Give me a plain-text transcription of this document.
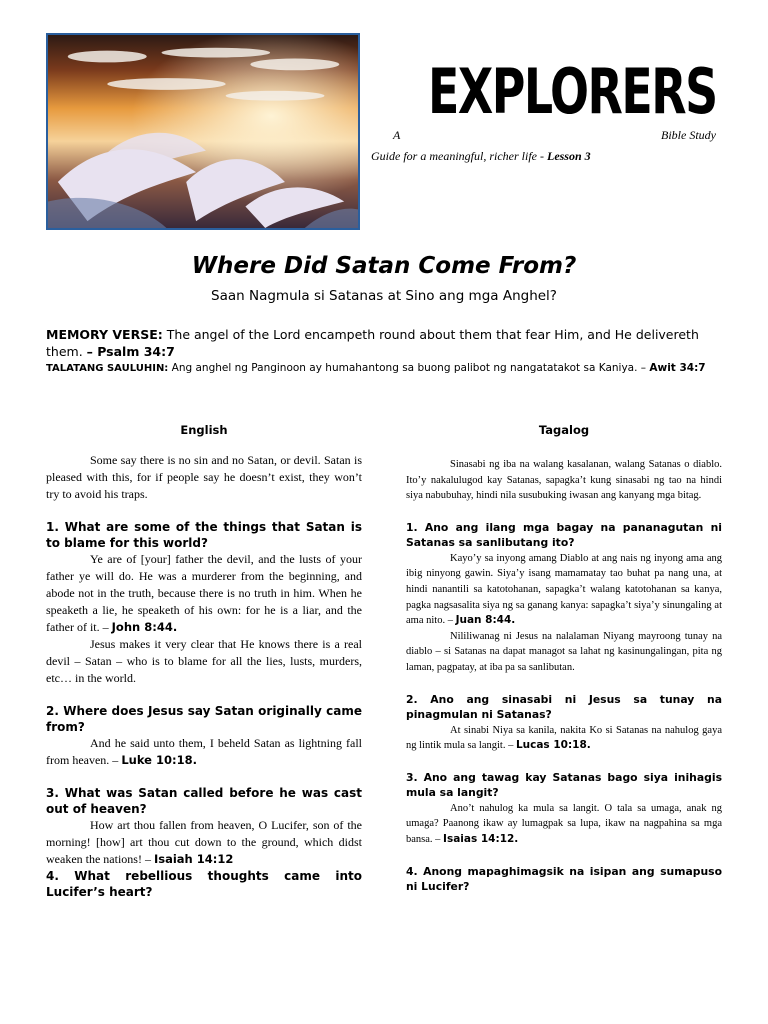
EXPLORERS
A	Bible Study
Guide for a meaningful, richer life - Lesson 3
Where Did Satan Come From?
Saan Nagmula si Satanas at Sino ang mga Anghel?
MEMORY VERSE: The angel of the Lord encampeth round about them that fear Him, and He delivereth them. – Psalm 34:7
TALATANG SAULUHIN: Ang anghel ng Panginoon ay humahantong sa buong palibot ng nangatatakot sa Kaniya. – Awit 34:7
English	Tagalog

Some say there is no sin and no Satan, or devil. Satan is pleased with this, for if people say he doesn’t exist, they won’t try to avoid his traps.

1. What are some of the things that Satan is to blame for this world?

Ye are of [your] father the devil, and the lusts of your father ye will do. He was a murderer from the beginning, and abode not in the truth, because there is no truth in him. When he speaketh a lie, he speaketh of his own: for he is a liar, and the father of it. – John 8:44.

Jesus makes it very clear that He knows there is a real devil – Satan – who is to blame for all the lies, lusts, murders, etc… in the world.

2. Where does Jesus say Satan originally came from?

And he said unto them, I beheld Satan as lightning fall from heaven. – Luke 10:18.

3. What was Satan called before he was cast out of heaven?

How art thou fallen from heaven, O Lucifer, son of the morning! [how] art thou cut down to the ground, which didst weaken the nations! – Isaiah 14:12

4. What rebellious thoughts came into Lucifer’s heart?

Sinasabi ng iba na walang kasalanan, walang Satanas o diablo. Ito’y nakalulugod kay Satanas, sapagka’t kung sinasabi ng tao na hindi siya nabubuhay, hindi nila susubuking iwasan ang kanyang mga bitag.

1. Ano ang ilang mga bagay na pananagutan ni Satanas sa sanlibutang ito?

Kayo’y sa inyong amang Diablo at ang nais ng inyong ama ang ibig ninyong gawin. Siya’y isang mamamatay tao buhat pa nang una, at hindi nanantili sa katotohanan, sapagka’t walang katotohanan sa kanya, pagka nagsasalita siya ng sa ganang kanya: sapagka’t siya’y sinungaling at ama nito. – Juan 8:44.

Nililiwanag ni Jesus na nalalaman Niyang mayroong tunay na diablo – si Satanas na dapat managot sa lahat ng kasinungalingan, pita ng laman, pagpatay, at iba pa sa sanlibutan.

2. Ano ang sinasabi ni Jesus sa tunay na pinagmulan ni Satanas?

At sinabi Niya sa kanila, nakita Ko si Satanas na nahulog gaya ng lintik mula sa langit. – Lucas 10:18.

3. Ano ang tawag kay Satanas bago siya inihagis mula sa langit?

Ano’t nahulog ka mula sa langit. O tala sa umaga, anak ng umaga? Paanong ikaw ay lumagpak sa lupa, ikaw na nagpahina sa mga bansa. – Isaias 14:12.

4. Anong mapaghimagsik na isipan ang sumapuso ni Lucifer?
